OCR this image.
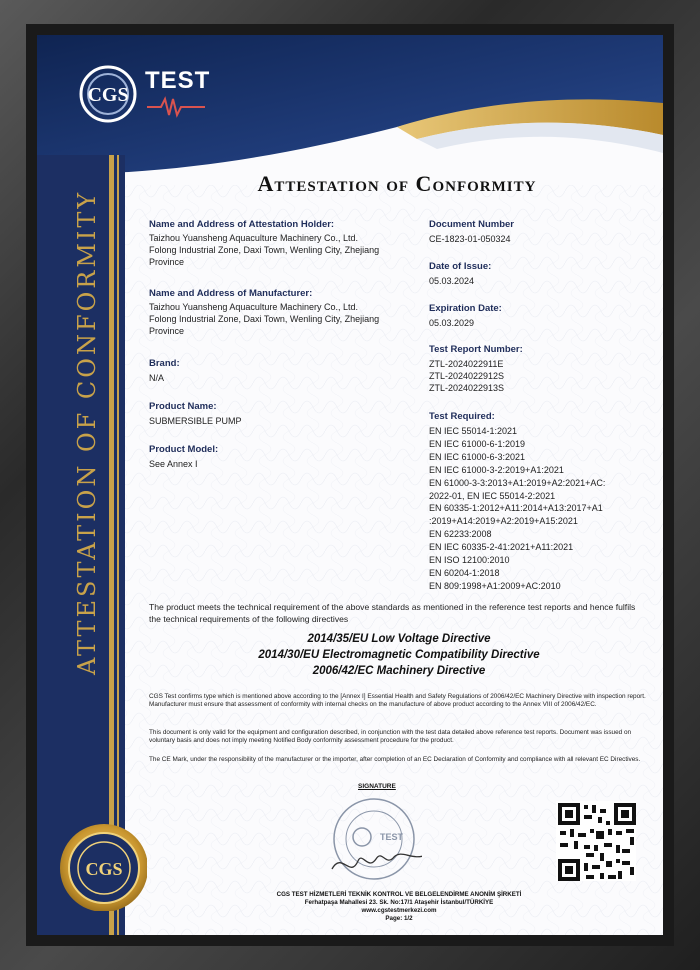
CGS
TEST
Attestation of Conformity
ATTESTATION OF CONFORMITY	Name and Address of Attestation Holder:
Taizhou Yuansheng Aquaculture Machinery Co., Ltd.
Folong Industrial Zone, Daxi Town, Wenling City, Zhejiang
Province
Name and Address of Manufacturer:
Taizhou Yuansheng Aquaculture Machinery Co., Ltd.
Folong Industrial Zone, Daxi Town, Wenling City, Zhejiang
Province
Brand:
N/A
Product Name:
SUBMERSIBLE PUMP
Product Model:
See Annex I
Document Number
CE-1823-01-050324
Date of Issue:
05.03.2024
Expiration Date:
05.03.2029
Test Report Number:
ZTL-2024022911E
ZTL-2024022912S
ZTL-2024022913S
Test Required:
EN IEC 55014-1:2021
EN IEC 61000-6-1:2019
EN IEC 61000-6-3:2021
EN IEC 61000-3-2:2019+A1:2021
EN 61000-3-3:2013+A1:2019+A2:2021+AC:
2022-01, EN IEC 55014-2:2021
EN 60335-1:2012+A11:2014+A13:2017+A1
:2019+A14:2019+A2:2019+A15:2021
EN 62233:2008
EN IEC 60335-2-41:2021+A11:2021
EN ISO 12100:2010
EN 60204-1:2018
EN 809:1998+A1:2009+AC:2010
The product meets the technical requirement of the above standards as mentioned in the reference test reports and hence fulfils the technical requirements of the following directives
2014/35/EU Low Voltage Directive
2014/30/EU Electromagnetic Compatibility Directive
2006/42/EC Machinery Directive
CGS Test confirms type which is mentioned above according to the [Annex I] Essential Health and Safety Regulations of 2006/42/EC Machinery Directive with inspection report. Manufacturer must ensure that assessment of conformity with internal checks on the manufacture of above product according to the Annex VIII of 2006/42/EC.
This document is only valid for the equipment and configuration described, in conjunction with the test data detailed above reference test reports. Document was issued on voluntary basis and does not imply meeting Notified Body conformity assessment procedure for the product.
The CE Mark, under the responsibility of the manufacturer or the importer, after completion of an EC Declaration of Conformity and compliance with all relevant EC Directives.
SIGNATURE
TEST
CGS TEST HİZMETLERİ TEKNİK KONTROL VE BELGELENDİRME ANONİM ŞİRKETİ
Ferhatpaşa Mahallesi 23. Sk. No:17/1 Ataşehir İstanbul/TÜRKİYE
www.cgstestmerkezi.com
Page: 1/2
CGS
